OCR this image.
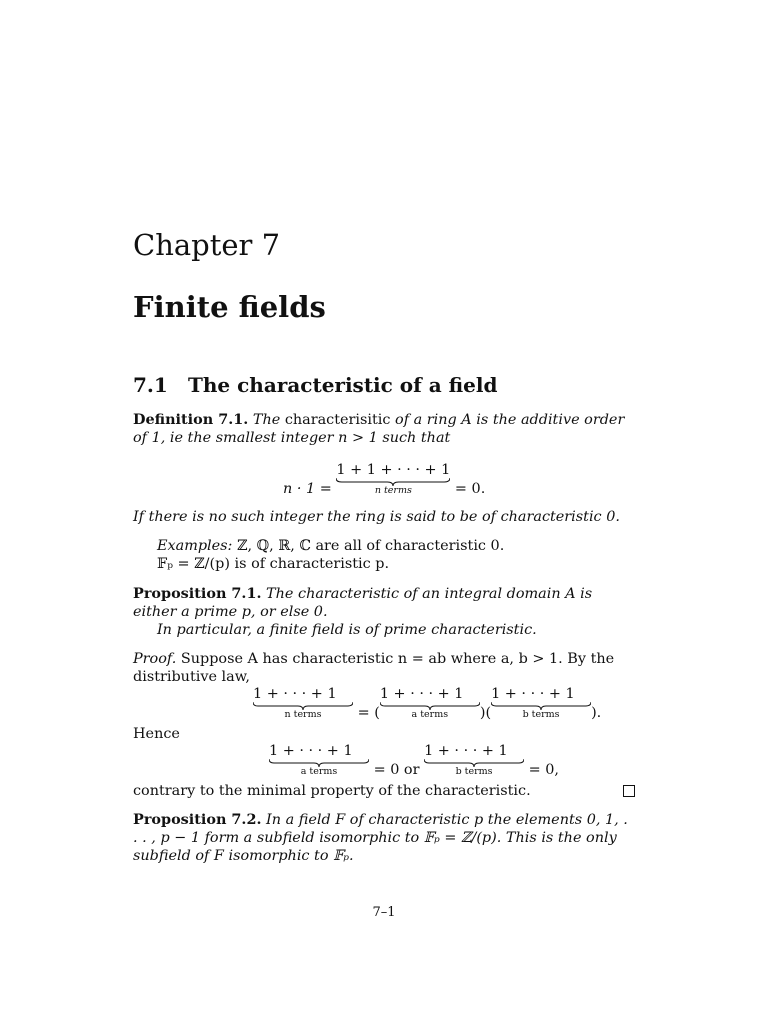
Chapter 7
Finite fields
7.1 The characteristic of a field
Definition 7.1. The characterisitic of a ring A is the additive order of 1, ie the smallest integer n > 1 such that
n · 1 = 1 + 1 + · · · + 1
n terms	= 0.
If there is no such integer the ring is said to be of characteristic 0.
Examples: ℤ, ℚ, ℝ, ℂ are all of characteristic 0.
𝔽ₚ = ℤ/(p) is of characteristic p.
Proposition 7.1. The characteristic of an integral domain A is either a prime p, or else 0.
In particular, a finite field is of prime characteristic.
Proof. Suppose A has characteristic n = ab where a, b > 1. By the distributive law,
1 + · · · + 1
n terms	= (1 + · · · + 1
a terms	)(1 + · · · + 1
b terms	).
Hence
1 + · · · + 1
a terms	= 0 or 1 + · · · + 1
b terms	= 0,
contrary to the minimal property of the characteristic.
Proposition 7.2. In a field F of characteristic p the elements 0, 1, . . . , p − 1 form a subfield isomorphic to 𝔽ₚ = ℤ/(p). This is the only subfield of F isomorphic to 𝔽ₚ.
7–1
